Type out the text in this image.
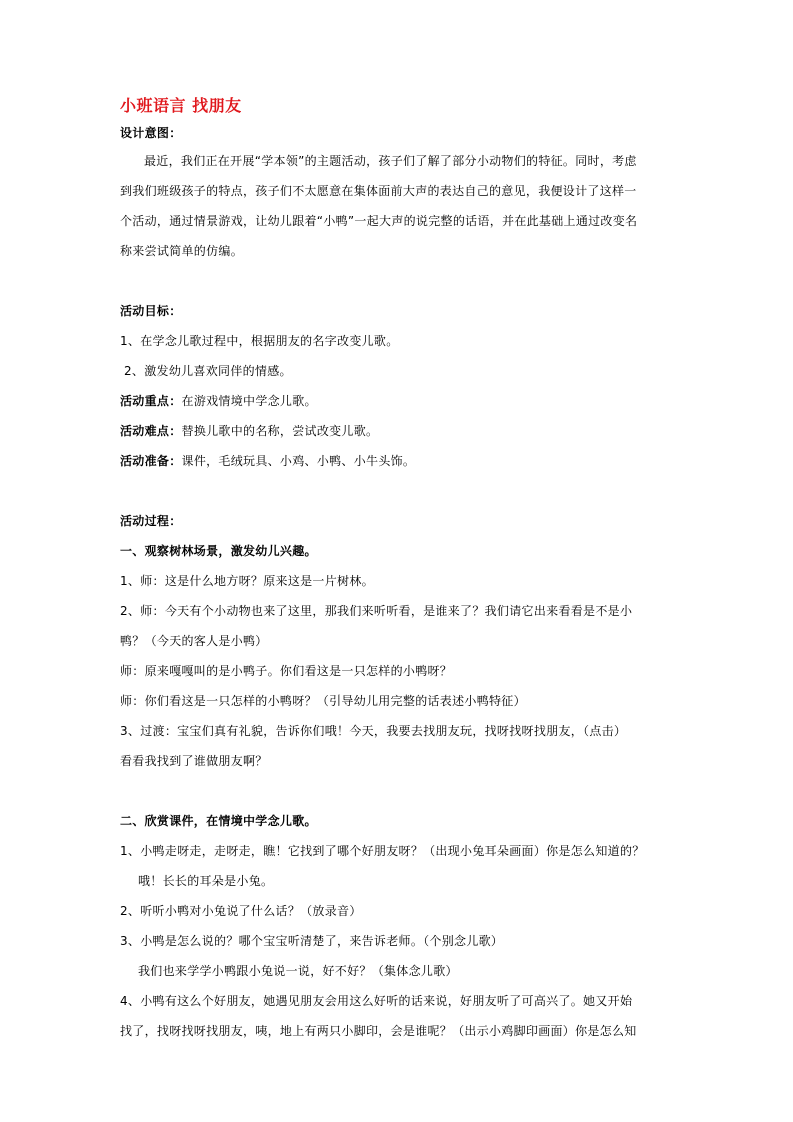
小班语言 找朋友
设计意图：
最近，我们正在开展“学本领”的主题活动，孩子们了解了部分小动物们的特征。同时，考虑
到我们班级孩子的特点，孩子们不太愿意在集体面前大声的表达自己的意见，我便设计了这样一
个活动，通过情景游戏，让幼儿跟着“小鸭”一起大声的说完整的话语，并在此基础上通过改变名
称来尝试简单的仿编。
活动目标：
1、在学念儿歌过程中，根据朋友的名字改变儿歌。
2、激发幼儿喜欢同伴的情感。
活动重点：在游戏情境中学念儿歌。
活动难点：替换儿歌中的名称，尝试改变儿歌。
活动准备：课件，毛绒玩具、小鸡、小鸭、小牛头饰。
活动过程：
一、观察树林场景，激发幼儿兴趣。
1、师：这是什么地方呀？原来这是一片树林。
2、师：今天有个小动物也来了这里，那我们来听听看，是谁来了？我们请它出来看看是不是小
鸭？（今天的客人是小鸭）
师：原来嘎嘎叫的是小鸭子。你们看这是一只怎样的小鸭呀？
师：你们看这是一只怎样的小鸭呀？（引导幼儿用完整的话表述小鸭特征）
3、过渡：宝宝们真有礼貌，告诉你们哦！今天，我要去找朋友玩，找呀找呀找朋友，（点击）
看看我找到了谁做朋友啊？
二、欣赏课件，在情境中学念儿歌。
1、小鸭走呀走，走呀走，瞧！它找到了哪个好朋友呀？（出现小兔耳朵画面）你是怎么知道的？
哦！长长的耳朵是小兔。
2、听听小鸭对小兔说了什么话？（放录音）
3、小鸭是怎么说的？哪个宝宝听清楚了，来告诉老师。（个别念儿歌）
我们也来学学小鸭跟小兔说一说，好不好？（集体念儿歌）
4、小鸭有这么个好朋友，她遇见朋友会用这么好听的话来说，好朋友听了可高兴了。她又开始
找了，找呀找呀找朋友，咦，地上有两只小脚印，会是谁呢？（出示小鸡脚印画面）你是怎么知
